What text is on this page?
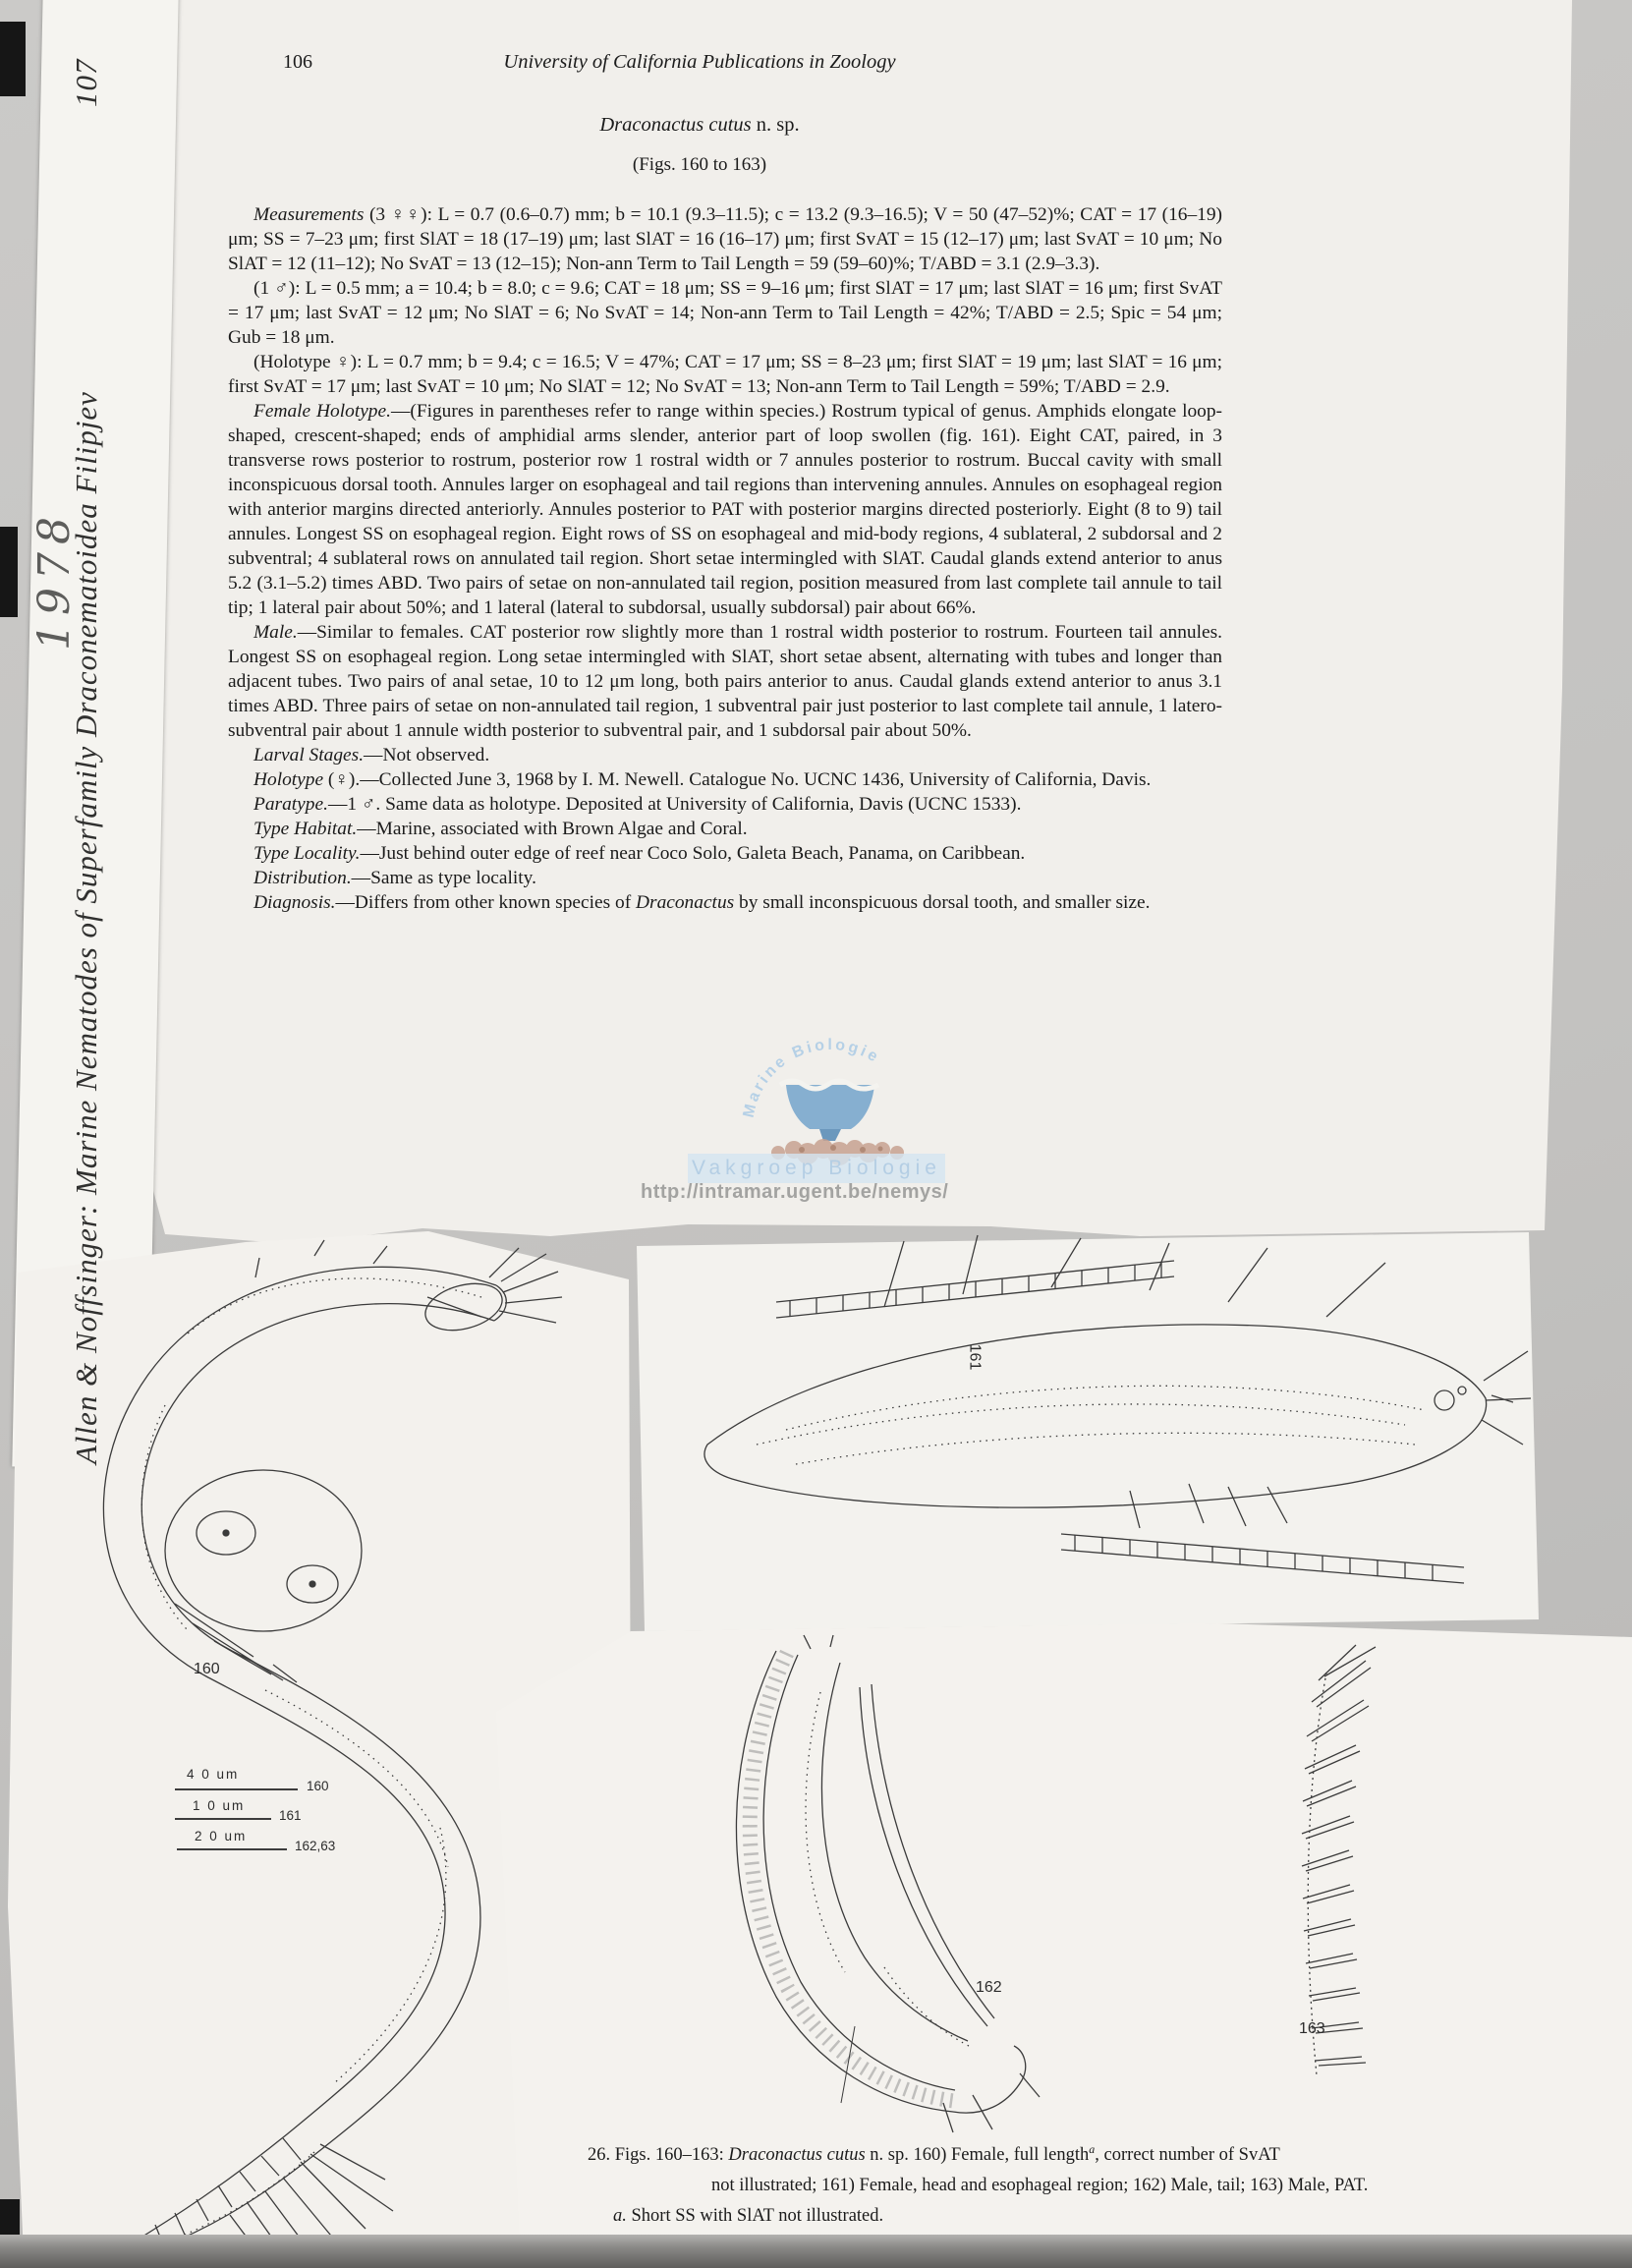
Marine Biologie
Vakgroep Biologie
http://intramar.ugent.be/nemys/
106	University of California Publications in Zoology
Draconactus cutus n. sp.
(Figs. 160 to 163)

Measurements (3 ♀♀): L = 0.7 (0.6–0.7) mm; b = 10.1 (9.3–11.5); c = 13.2 (9.3–16.5); V = 50 (47–52)%; CAT = 17 (16–19) μm; SS = 7–23 μm; first SlAT = 18 (17–19) μm; last SlAT = 16 (16–17) μm; first SvAT = 15 (12–17) μm; last SvAT = 10 μm; No SlAT = 12 (11–12); No SvAT = 13 (12–15); Non-ann Term to Tail Length = 59 (59–60)%; T/ABD = 3.1 (2.9–3.3).

(1 ♂): L = 0.5 mm; a = 10.4; b = 8.0; c = 9.6; CAT = 18 μm; SS = 9–16 μm; first SlAT = 17 μm; last SlAT = 16 μm; first SvAT = 17 μm; last SvAT = 12 μm; No SlAT = 6; No SvAT = 14; Non-ann Term to Tail Length = 42%; T/ABD = 2.5; Spic = 54 μm; Gub = 18 μm.

(Holotype ♀): L = 0.7 mm; b = 9.4; c = 16.5; V = 47%; CAT = 17 μm; SS = 8–23 μm; first SlAT = 19 μm; last SlAT = 16 μm; first SvAT = 17 μm; last SvAT = 10 μm; No SlAT = 12; No SvAT = 13; Non-ann Term to Tail Length = 59%; T/ABD = 2.9.

Female Holotype.—(Figures in parentheses refer to range within species.) Rostrum typical of genus. Amphids elongate loop-shaped, crescent-shaped; ends of amphidial arms slender, anterior part of loop swollen (fig. 161). Eight CAT, paired, in 3 transverse rows posterior to rostrum, posterior row 1 rostral width or 7 annules posterior to rostrum. Buccal cavity with small inconspicuous dorsal tooth. Annules larger on esophageal and tail regions than intervening annules. Annules on esophageal region with anterior margins directed anteriorly. Annules posterior to PAT with posterior margins directed posteriorly. Eight (8 to 9) tail annules. Longest SS on esophageal region. Eight rows of SS on esophageal and mid-body regions, 4 sublateral, 2 subdorsal and 2 subventral; 4 sublateral rows on annulated tail region. Short setae intermingled with SlAT. Caudal glands extend anterior to anus 5.2 (3.1–5.2) times ABD. Two pairs of setae on non-annulated tail region, position measured from last complete tail annule to tail tip; 1 lateral pair about 50%; and 1 lateral (lateral to subdorsal, usually subdorsal) pair about 66%.

Male.—Similar to females. CAT posterior row slightly more than 1 rostral width posterior to rostrum. Fourteen tail annules. Longest SS on esophageal region. Long setae intermingled with SlAT, short setae absent, alternating with tubes and longer than adjacent tubes. Two pairs of anal setae, 10 to 12 μm long, both pairs anterior to anus. Caudal glands extend anterior to anus 3.1 times ABD. Three pairs of setae on non-annulated tail region, 1 subventral pair just posterior to last complete tail annule, 1 latero-subventral pair about 1 annule width posterior to subventral pair, and 1 subdorsal pair about 50%.

Larval Stages.—Not observed.

Holotype (♀).—Collected June 3, 1968 by I. M. Newell. Catalogue No. UCNC 1436, University of California, Davis.

Paratype.—1 ♂. Same data as holotype. Deposited at University of California, Davis (UCNC 1533).

Type Habitat.—Marine, associated with Brown Algae and Coral.

Type Locality.—Just behind outer edge of reef near Coco Solo, Galeta Beach, Panama, on Caribbean.

Distribution.—Same as type locality.

Diagnosis.—Differs from other known species of Draconactus by small inconspicuous dorsal tooth, and smaller size.

Allen & Noffsinger: Marine Nematodes of Superfamily Draconematoidea Filipjev
107
1978
160
161
162
163
4 0 um
160
1 0 um
161
2 0 um
162,63
26. Figs. 160–163: Draconactus cutus n. sp. 160) Female, full length$^a$, correct number of SvAT
not illustrated; 161) Female, head and esophageal region; 162) Male, tail; 163) Male, PAT.
a. Short SS with SlAT not illustrated.
